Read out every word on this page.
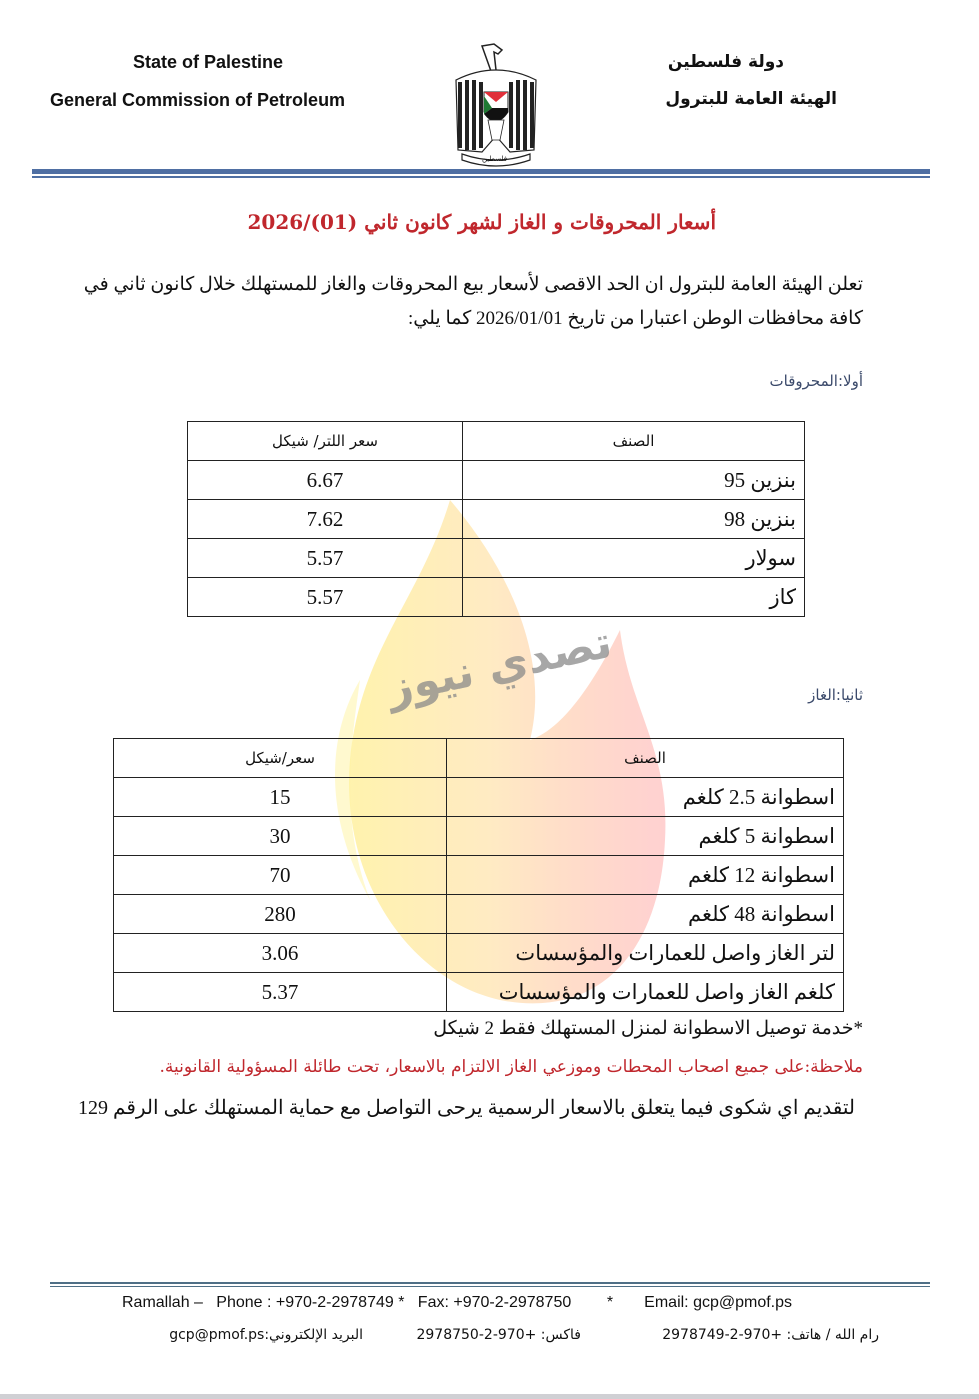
State of Palestine
General Commission of Petroleum
دولة فلسطين
الهيئة العامة للبترول
فلسطين
أسعار المحروقات و الغاز لشهر كانون ثاني (01)/2026
تعلن الهيئة العامة للبترول ان الحد الاقصى لأسعار بيع المحروقات والغاز للمستهلك خلال كانون ثاني في
كافة محافظات الوطن اعتبارا من تاريخ 2026/01/01 كما يلي:
أولا:المحروقات
الصنف	سعر اللتر/ شيكل
بنزين 95	6.67
بنزين 98	7.62
سولار	5.57
كاز	5.57
تصدي نيوز	ثانيا:الغاز
الصنف	سعر/شيكل
اسطوانة 2.5 كلغم	15
اسطوانة 5 كلغم	30
اسطوانة 12 كلغم	70
اسطوانة 48 كلغم	280
لتر الغاز واصل للعمارات والمؤسسات	3.06
كلغم الغاز واصل للعمارات والمؤسسات	5.37
*خدمة توصيل الاسطوانة لمنزل المستهلك فقط 2 شيكل
ملاحظة:على جميع اصحاب المحطات وموزعي الغاز الالتزام بالاسعار، تحت طائلة المسؤولية القانونية.
لتقديم اي شكوى فيما يتعلق بالاسعار الرسمية يرحى التواصل مع حماية المستهلك على الرقم 129
Ramallah – Phone : +970-2-2978749 * Fax: +970-2-2978750 * Email: gcp@pmof.ps
رام الله / هاتف: +970-2-2978749
فاكس: +970-2-2978750
البريد الإلكتروني:gcp@pmof.ps
